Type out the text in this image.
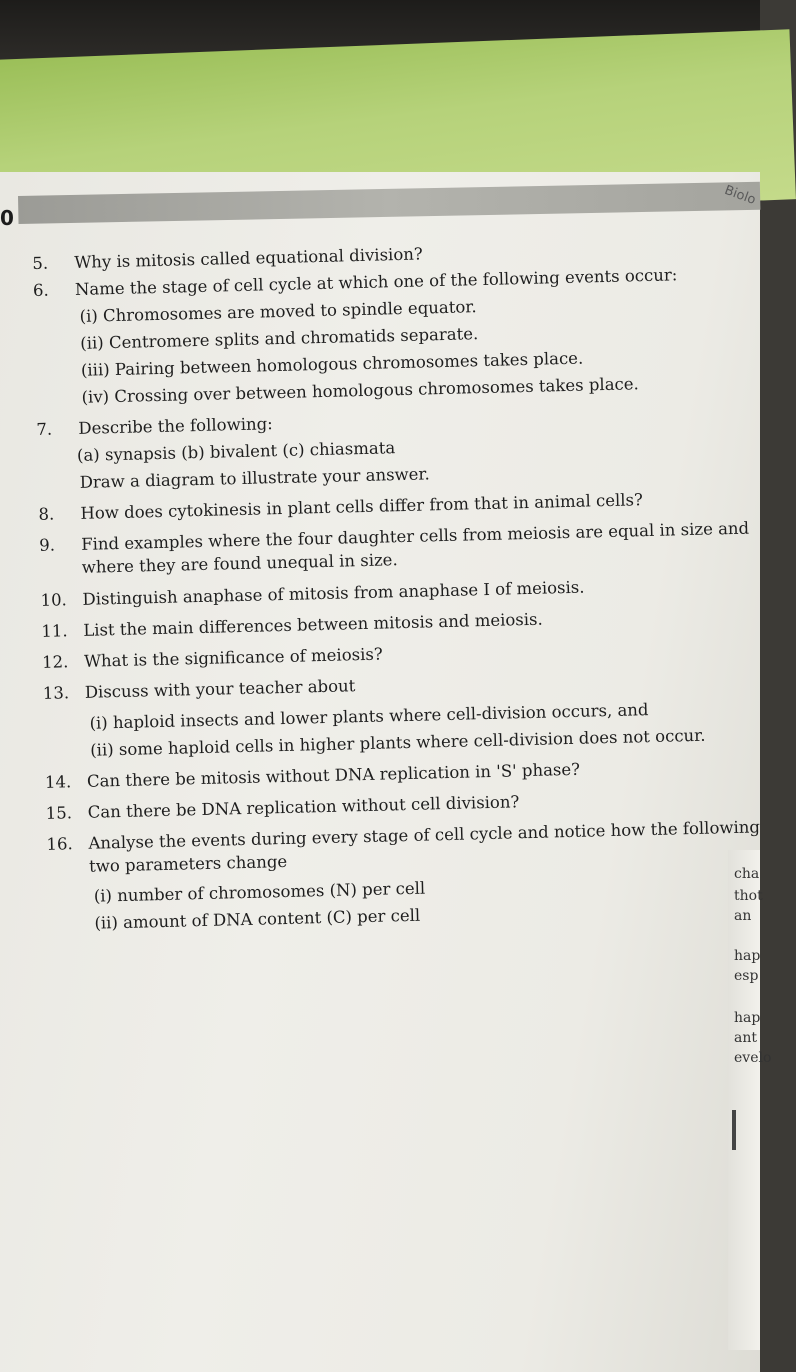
0
Biolo
cha
thot
an
hap
esp
hap
ant
evelo
5.	Why is mitosis called equational division?
6.	Name the stage of cell cycle at which one of the following events occur:
(i) Chromosomes are moved to spindle equator.
(ii) Centromere splits and chromatids separate.
(iii) Pairing between homologous chromosomes takes place.
(iv) Crossing over between homologous chromosomes takes place.
7.	Describe the following:
(a) synapsis (b) bivalent (c) chiasmata
Draw a diagram to illustrate your answer.
8.	How does cytokinesis in plant cells differ from that in animal cells?
9.	Find examples where the four daughter cells from meiosis are equal in size and
where they are found unequal in size.
10. Distinguish anaphase of mitosis from anaphase I of meiosis.
11. List the main differences between mitosis and meiosis.
12. What is the significance of meiosis?
13. Discuss with your teacher about
(i) haploid insects and lower plants where cell-division occurs, and
(ii) some haploid cells in higher plants where cell-division does not occur.
14. Can there be mitosis without DNA replication in 'S' phase?
15. Can there be DNA replication without cell division?
16. Analyse the events during every stage of cell cycle and notice how the following
two parameters change
(i) number of chromosomes (N) per cell
(ii) amount of DNA content (C) per cell
